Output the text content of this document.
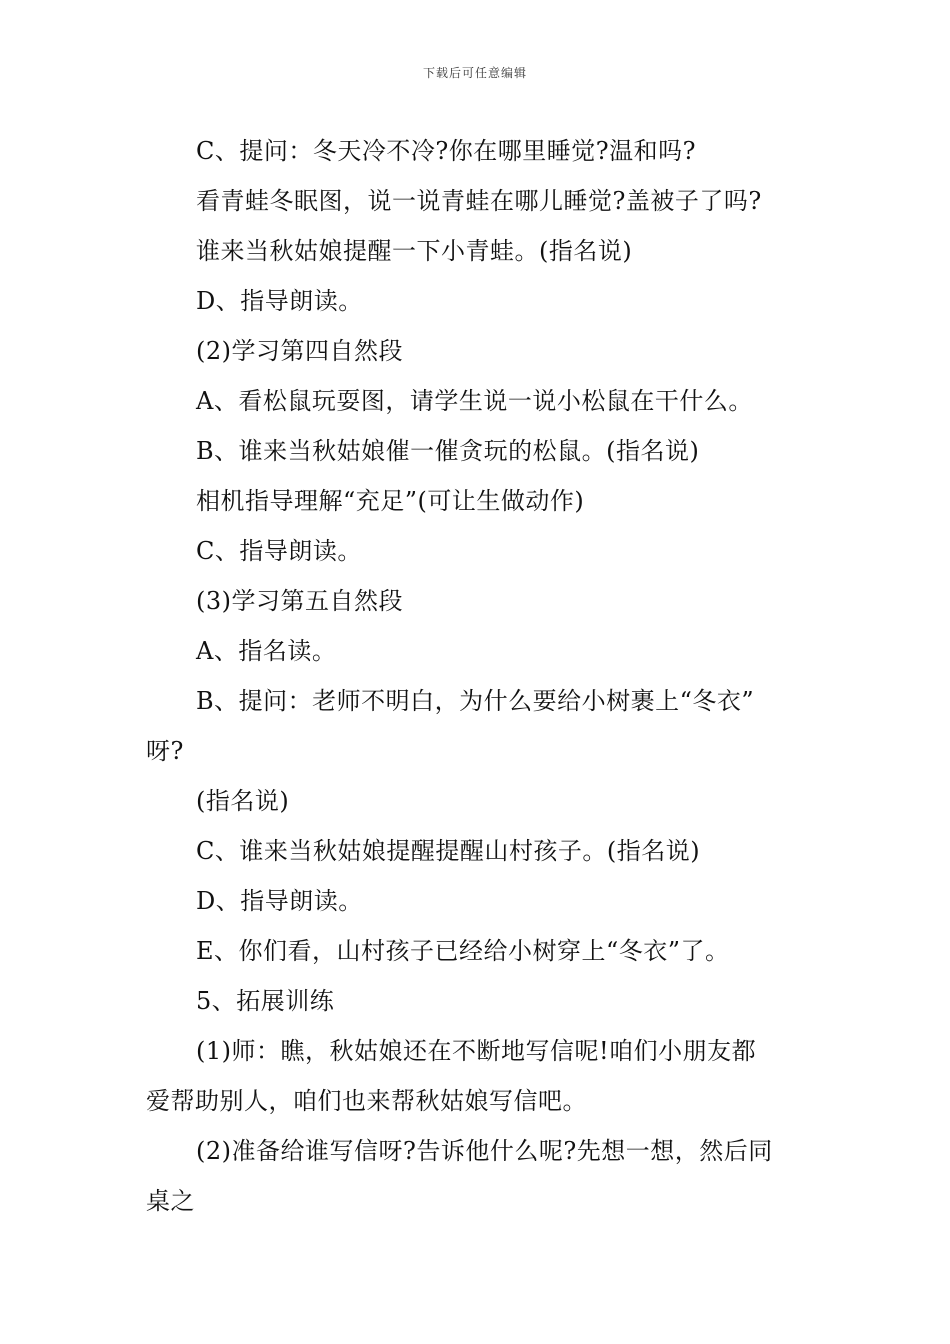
下载后可任意编辑
C、提问：冬天冷不冷?你在哪里睡觉?温和吗?
看青蛙冬眠图，说一说青蛙在哪儿睡觉?盖被子了吗?
谁来当秋姑娘提醒一下小青蛙。(指名说)
D、指导朗读。
(2)学习第四自然段
A、看松鼠玩耍图，请学生说一说小松鼠在干什么。
B、谁来当秋姑娘催一催贪玩的松鼠。(指名说)
相机指导理解“充足”(可让生做动作)
C、指导朗读。
(3)学习第五自然段
A、指名读。
B、提问：老师不明白，为什么要给小树裹上“冬衣”
呀?
(指名说)
C、谁来当秋姑娘提醒提醒山村孩子。(指名说)
D、指导朗读。
E、你们看，山村孩子已经给小树穿上“冬衣”了。
5、拓展训练
(1)师：瞧，秋姑娘还在不断地写信呢!咱们小朋友都
爱帮助别人，咱们也来帮秋姑娘写信吧。
(2)准备给谁写信呀?告诉他什么呢?先想一想，然后同
桌之
